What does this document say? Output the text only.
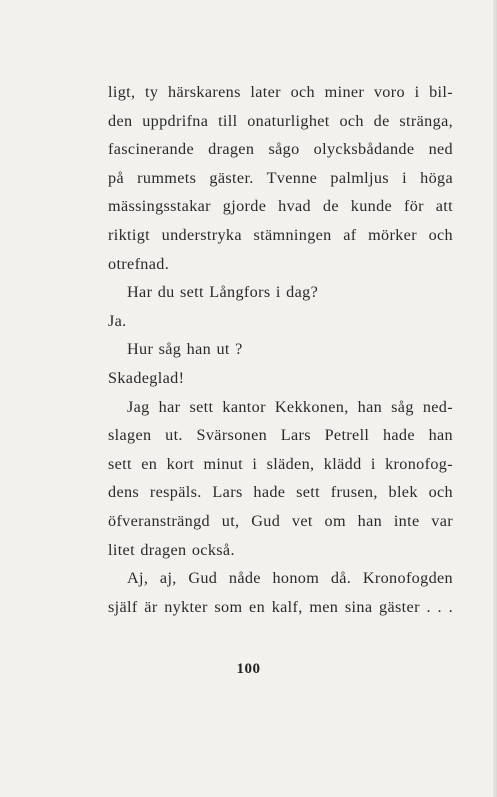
ligt, ty härskarens later och miner voro i bil-
den uppdrifna till onaturlighet och de stränga,
fascinerande dragen sågo olycksbådande ned
på rummets gäster. Tvenne palmljus i höga
mässingsstakar gjorde hvad de kunde för att
riktigt understryka stämningen af mörker och
otrefnad.
Har du sett Långfors i dag?
Ja.
Hur såg han ut ?
Skadeglad!
Jag har sett kantor Kekkonen, han såg ned-
slagen ut. Svärsonen Lars Petrell hade han
sett en kort minut i släden, klädd i kronofog-
dens respäls. Lars hade sett frusen, blek och
öfveransträngd ut, Gud vet om han inte var
litet dragen också.
Aj, aj, Gud nåde honom då. Kronofogden
själf är nykter som en kalf, men sina gäster . . .
100
